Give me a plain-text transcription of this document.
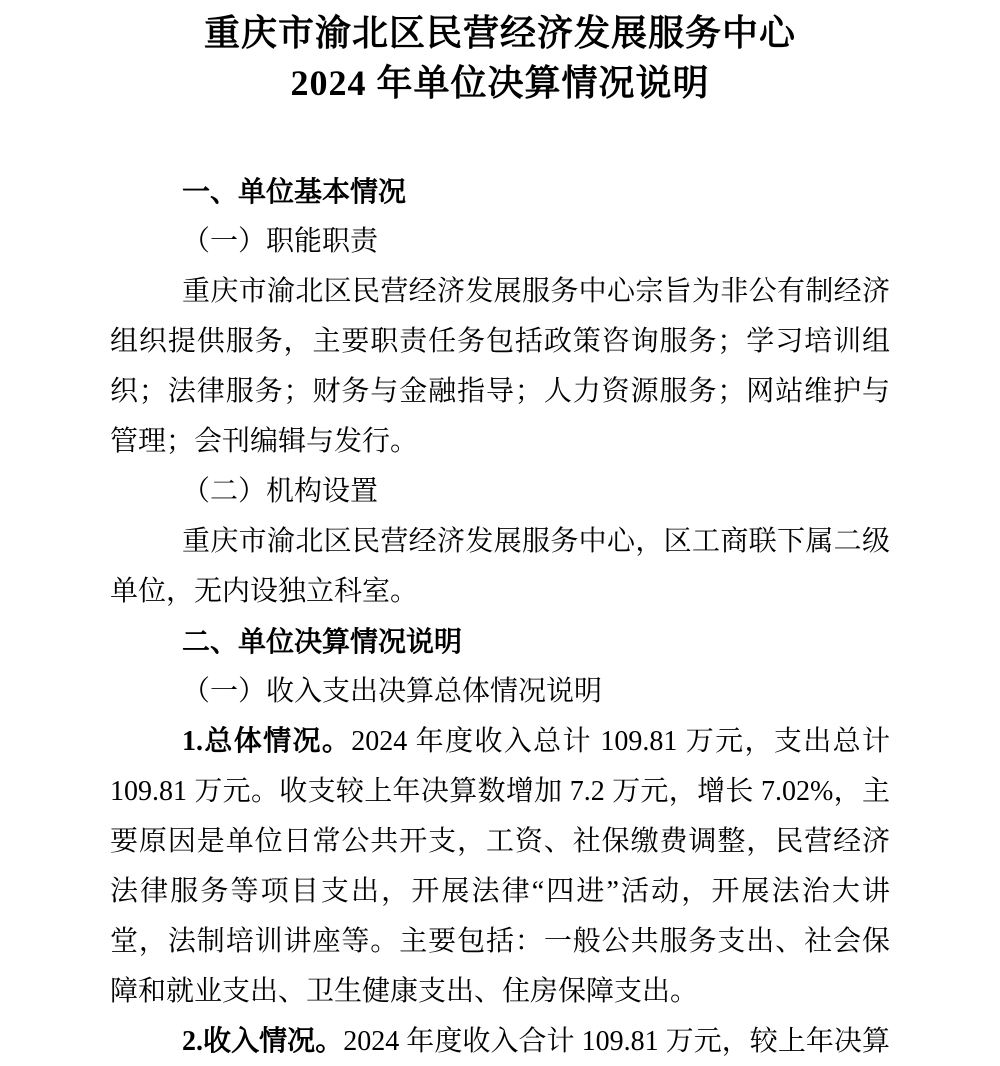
重庆市渝北区民营经济发展服务中心
2024 年单位决算情况说明
一、单位基本情况
（一）职能职责
重庆市渝北区民营经济发展服务中心宗旨为非公有制经济
组织提供服务，主要职责任务包括政策咨询服务；学习培训组
织；法律服务；财务与金融指导；人力资源服务；网站维护与
管理；会刊编辑与发行。
（二）机构设置
重庆市渝北区民营经济发展服务中心，区工商联下属二级
单位，无内设独立科室。
二、单位决算情况说明
（一）收入支出决算总体情况说明
1.总体情况。2024 年度收入总计 109.81 万元，支出总计
109.81 万元。收支较上年决算数增加 7.2 万元，增长 7.02%，主
要原因是单位日常公共开支，工资、社保缴费调整，民营经济
法律服务等项目支出，开展法律“四进”活动，开展法治大讲
堂，法制培训讲座等。主要包括：一般公共服务支出、社会保
障和就业支出、卫生健康支出、住房保障支出。
2.收入情况。2024 年度收入合计 109.81 万元，较上年决算
